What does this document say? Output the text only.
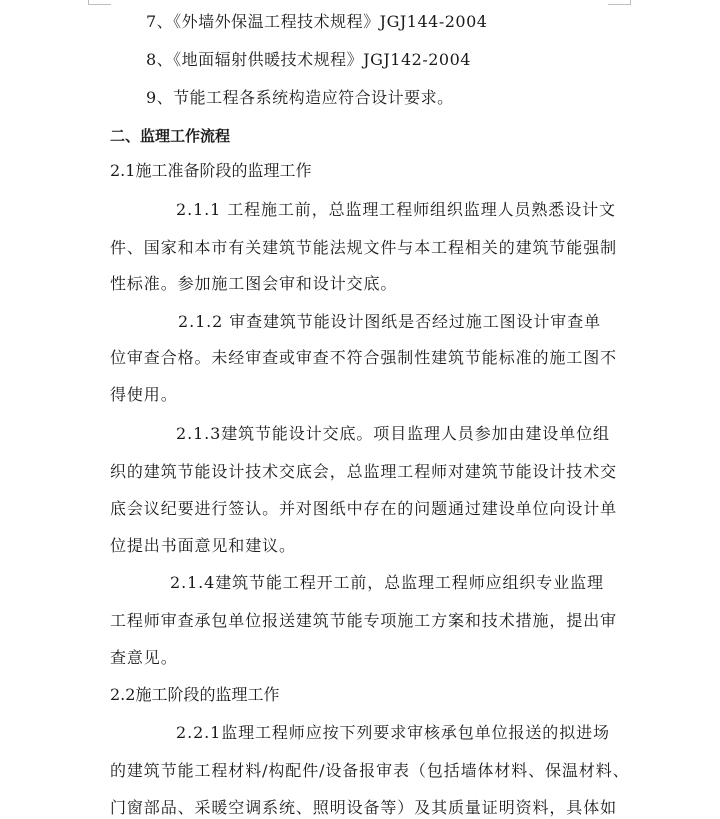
7、《外墙外保温工程技术规程》JGJ144-2004
8、《地面辐射供暖技术规程》JGJ142-2004
9、节能工程各系统构造应符合设计要求。
二、监理工作流程
2.1施工准备阶段的监理工作
2.1.1 工程施工前，总监理工程师组织监理人员熟悉设计文
件、国家和本市有关建筑节能法规文件与本工程相关的建筑节能强制
性标准。参加施工图会审和设计交底。
2.1.2 审查建筑节能设计图纸是否经过施工图设计审查单
位审查合格。未经审查或审查不符合强制性建筑节能标准的施工图不
得使用。
2.1.3建筑节能设计交底。项目监理人员参加由建设单位组
织的建筑节能设计技术交底会，总监理工程师对建筑节能设计技术交
底会议纪要进行签认。并对图纸中存在的问题通过建设单位向设计单
位提出书面意见和建议。
2.1.4建筑节能工程开工前，总监理工程师应组织专业监理
工程师审查承包单位报送建筑节能专项施工方案和技术措施，提出审
查意见。
2.2施工阶段的监理工作
2.2.1监理工程师应按下列要求审核承包单位报送的拟进场
的建筑节能工程材料/构配件/设备报审表（包括墙体材料、保温材料、
门窗部品、采暖空调系统、照明设备等）及其质量证明资料，具体如
